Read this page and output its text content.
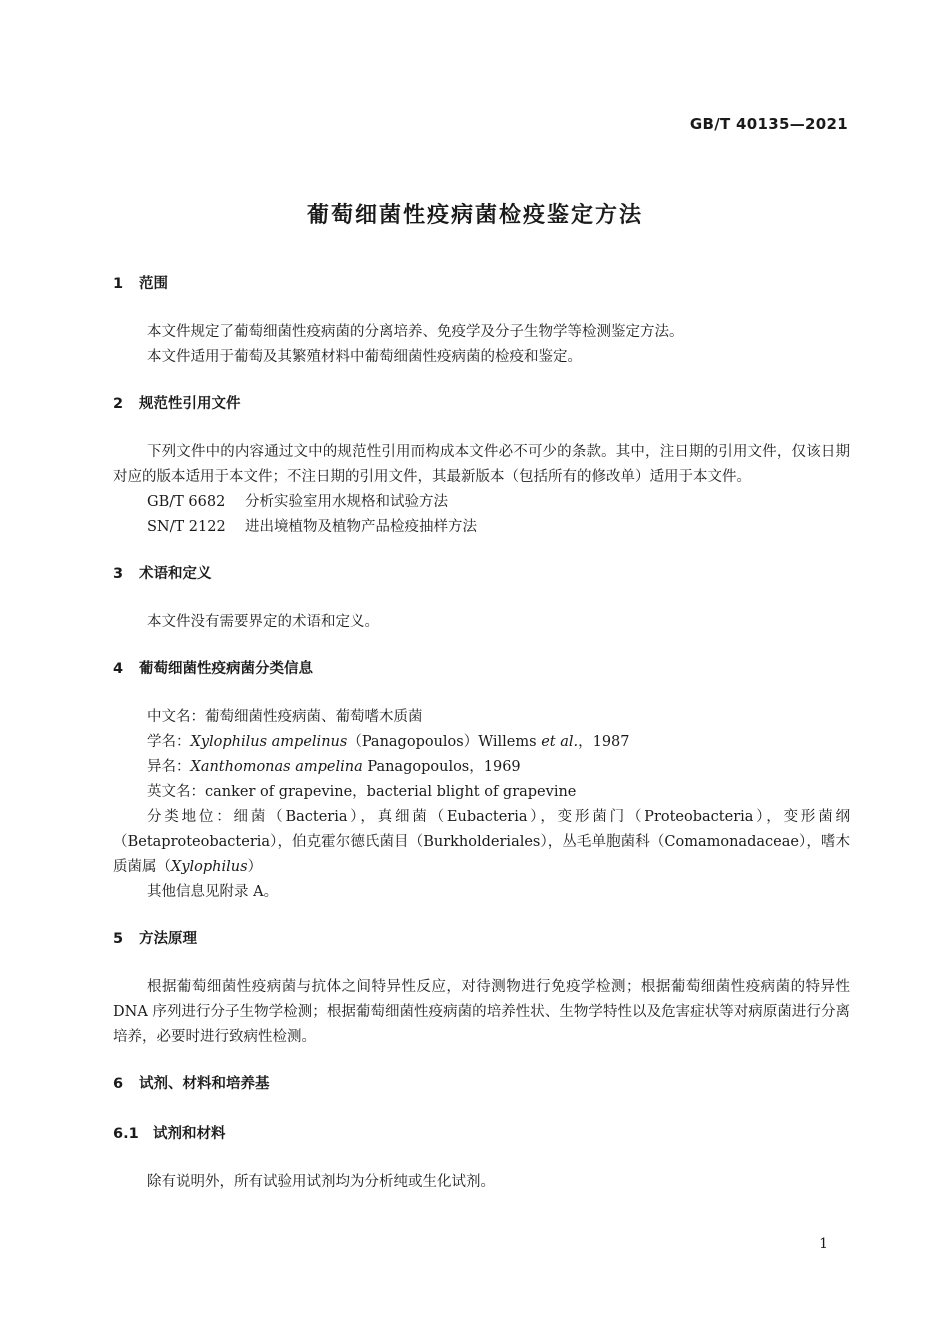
GB/T 40135—2021
葡萄细菌性疫病菌检疫鉴定方法
1 范围

本文件规定了葡萄细菌性疫病菌的分离培养、免疫学及分子生物学等检测鉴定方法。

本文件适用于葡萄及其繁殖材料中葡萄细菌性疫病菌的检疫和鉴定。

2 规范性引用文件

下列文件中的内容通过文中的规范性引用而构成本文件必不可少的条款。其中，注日期的引用文件，仅该日期对应的版本适用于本文件；不注日期的引用文件，其最新版本（包括所有的修改单）适用于本文件。

GB/T 6682 分析实验室用水规格和试验方法

SN/T 2122 进出境植物及植物产品检疫抽样方法

3 术语和定义

本文件没有需要界定的术语和定义。

4 葡萄细菌性疫病菌分类信息

中文名：葡萄细菌性疫病菌、葡萄嗜木质菌

学名：Xylophilus ampelinus（Panagopoulos）Willems et al.，1987

异名：Xanthomonas ampelina Panagopoulos，1969

英文名：canker of grapevine，bacterial blight of grapevine

分类地位：细菌（Bacteria），真细菌（Eubacteria），变形菌门（Proteobacteria），变形菌纲（Betaproteobacteria），伯克霍尔德氏菌目（Burkholderiales），丛毛单胞菌科（Comamonadaceae），嗜木质菌属（Xylophilus）

其他信息见附录 A。

5 方法原理

根据葡萄细菌性疫病菌与抗体之间特异性反应，对待测物进行免疫学检测；根据葡萄细菌性疫病菌的特异性 DNA 序列进行分子生物学检测；根据葡萄细菌性疫病菌的培养性状、生物学特性以及危害症状等对病原菌进行分离培养，必要时进行致病性检测。

6 试剂、材料和培养基
6.1 试剂和材料

除有说明外，所有试验用试剂均为分析纯或生化试剂。

1
